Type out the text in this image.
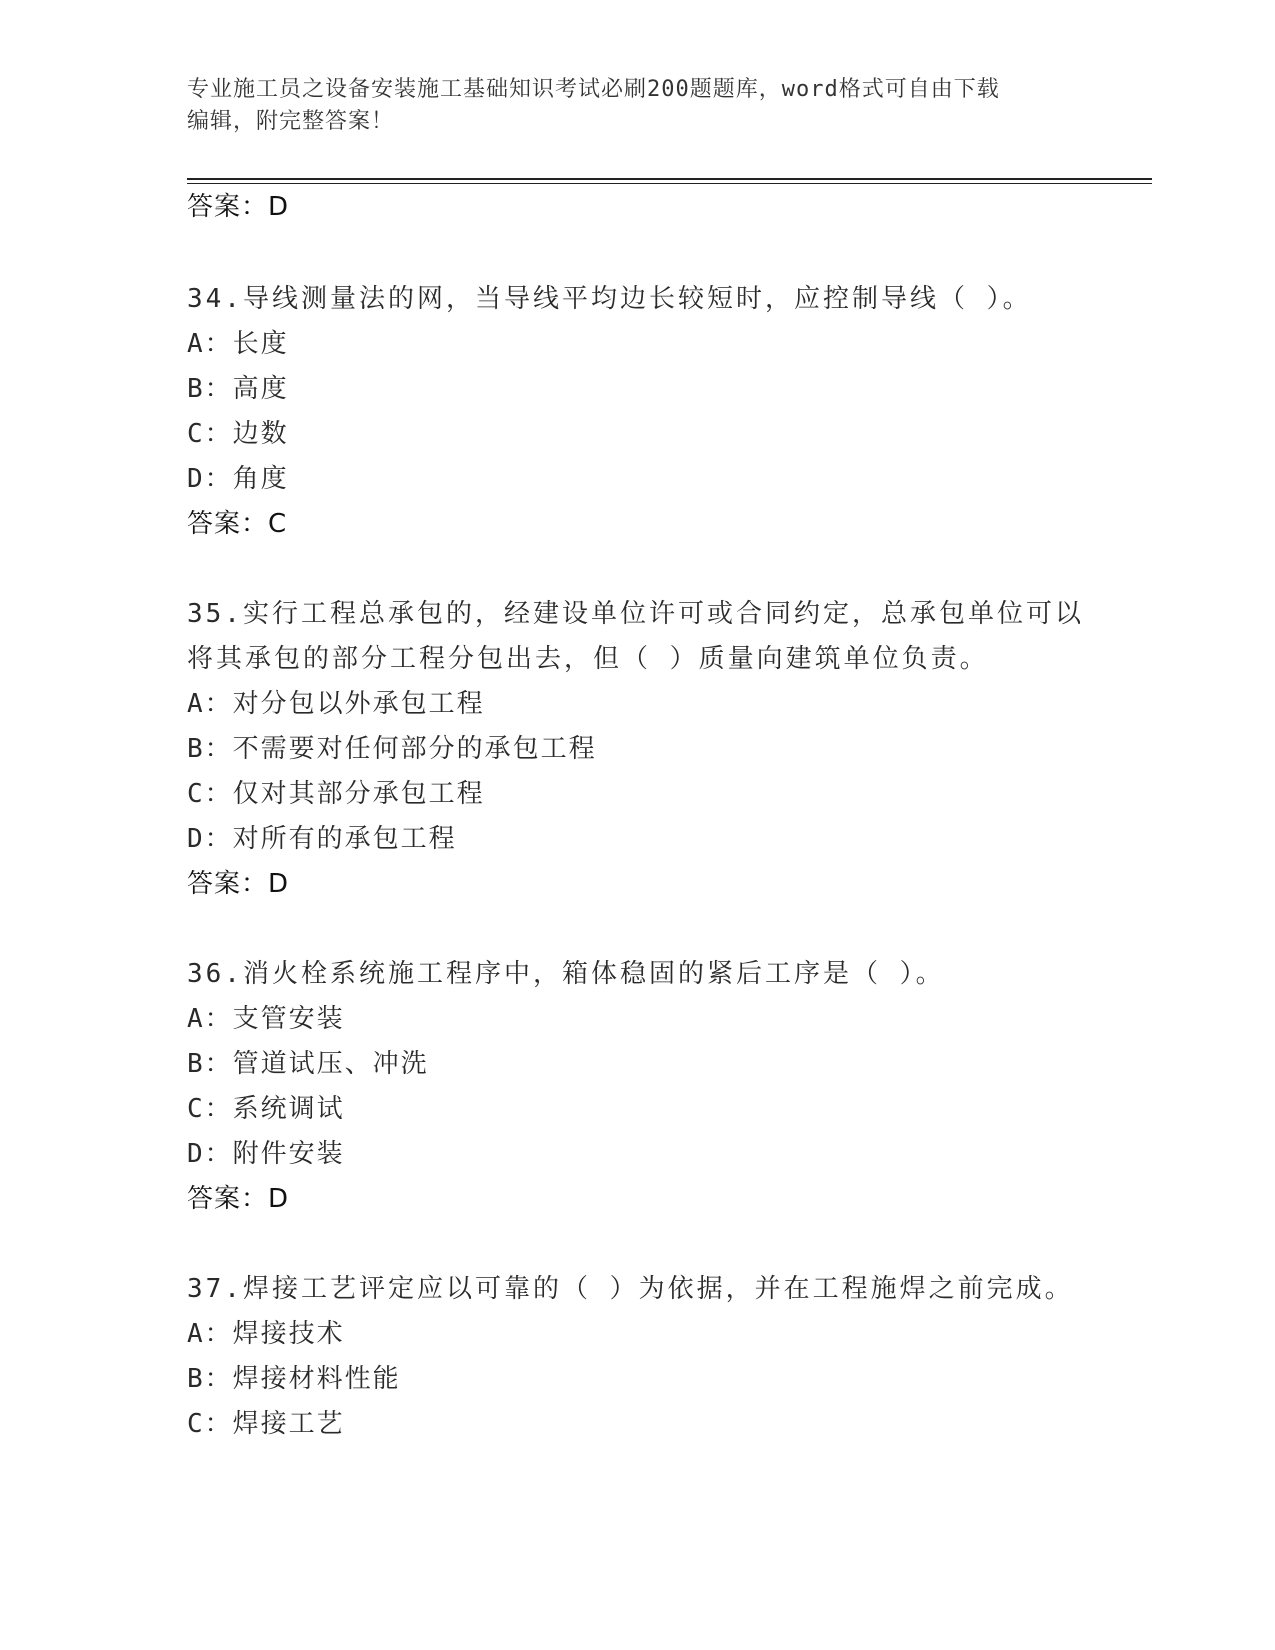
专业施工员之设备安装施工基础知识考试必刷200题题库，word格式可自由下载
编辑，附完整答案！
答案：D
34.导线测量法的网，当导线平均边长较短时，应控制导线（ ）。
A：长度
B：高度
C：边数
D：角度
答案：C
35.实行工程总承包的，经建设单位许可或合同约定，总承包单位可以
将其承包的部分工程分包出去，但（ ）质量向建筑单位负责。
A：对分包以外承包工程
B：不需要对任何部分的承包工程
C：仅对其部分承包工程
D：对所有的承包工程
答案：D
36.消火栓系统施工程序中，箱体稳固的紧后工序是（ ）。
A：支管安装
B：管道试压、冲洗
C：系统调试
D：附件安装
答案：D
37.焊接工艺评定应以可靠的（ ）为依据，并在工程施焊之前完成。
A：焊接技术
B：焊接材料性能
C：焊接工艺
